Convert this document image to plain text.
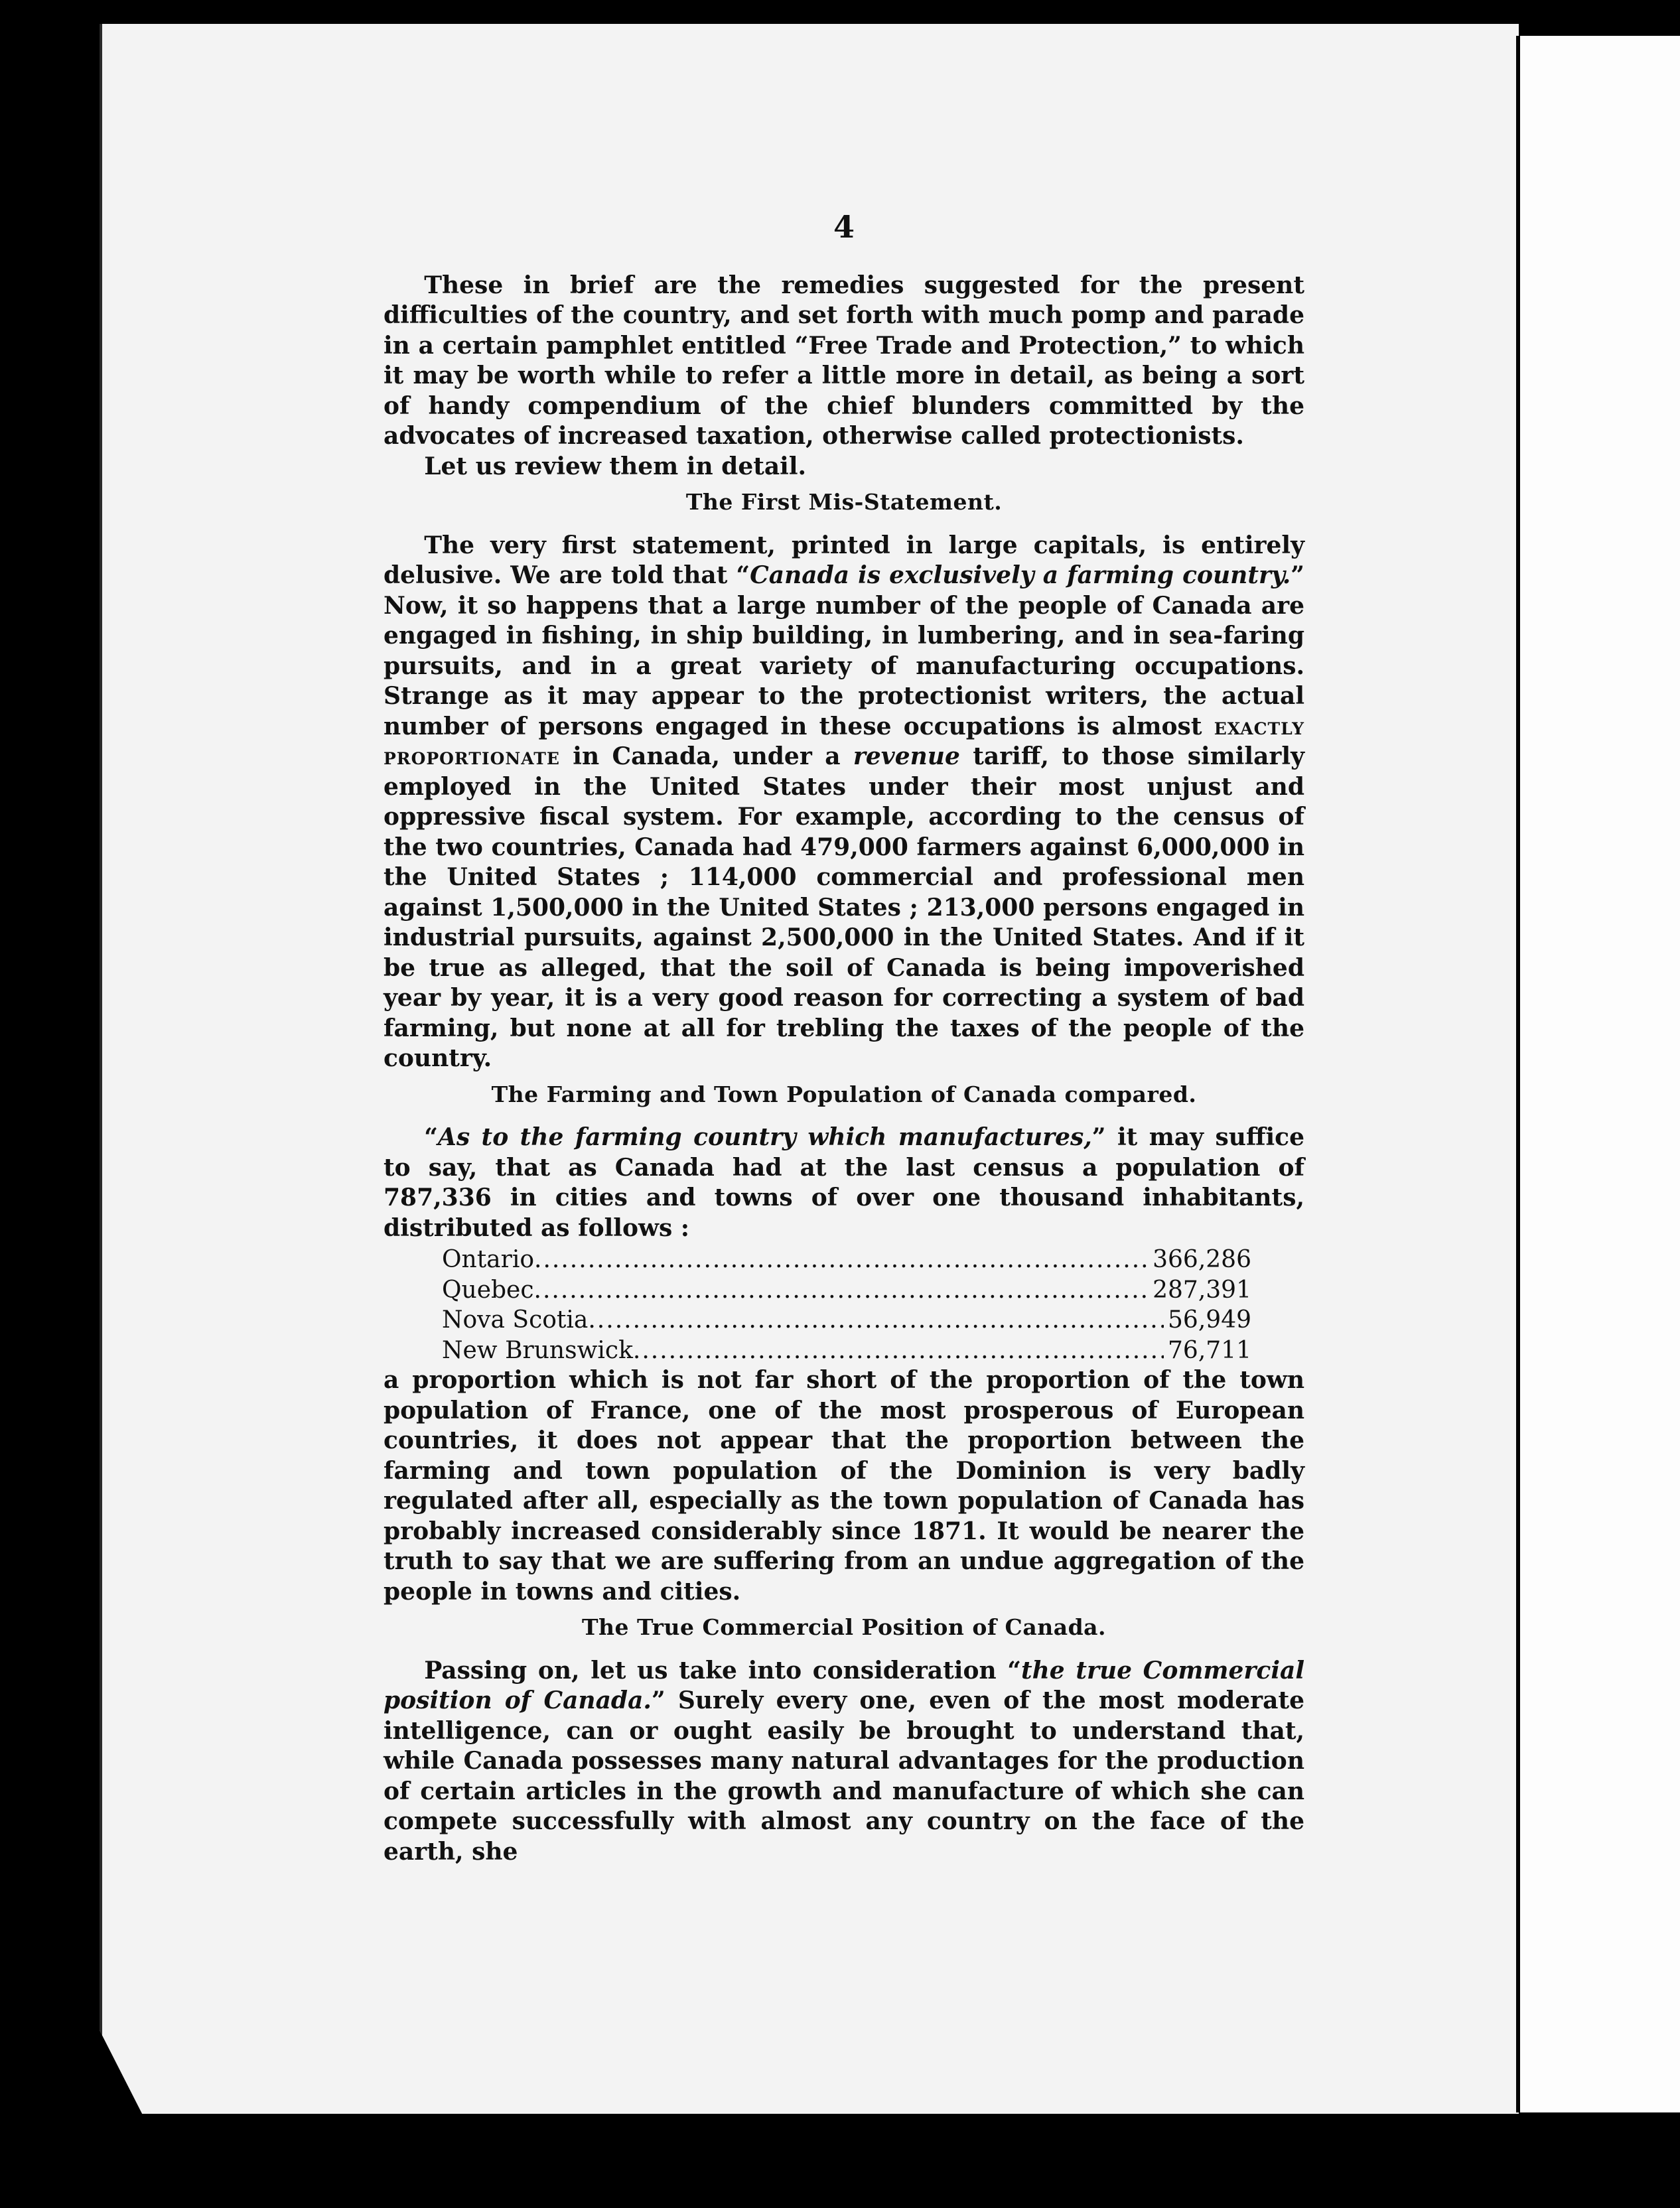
4

These in brief are the remedies suggested for the present difficulties of the country, and set forth with much pomp and parade in a certain pamphlet entitled “Free Trade and Protection,” to which it may be worth while to refer a little more in detail, as being a sort of handy compendium of the chief blunders committed by the advocates of increased taxation, otherwise called protectionists.

Let us review them in detail.

The First Mis-Statement.

The very first statement, printed in large capitals, is entirely delusive. We are told that “Canada is exclusively a farming country.” Now, it so happens that a large number of the people of Canada are engaged in fishing, in ship building, in lumbering, and in sea-faring pursuits, and in a great variety of manufacturing occupations. Strange as it may appear to the protectionist writers, the actual number of persons engaged in these occupations is almost exactly proportionate in Canada, under a revenue tariff, to those similarly employed in the United States under their most unjust and oppressive fiscal system. For example, according to the census of the two countries, Canada had 479,000 farmers against 6,000,000 in the United States ; 114,000 commercial and professional men against 1,500,000 in the United States ; 213,000 persons engaged in industrial pursuits, against 2,500,000 in the United States. And if it be true as alleged, that the soil of Canada is being impoverished year by year, it is a very good reason for correcting a system of bad farming, but none at all for trebling the taxes of the people of the country.

The Farming and Town Population of Canada compared.

“As to the farming country which manufactures,” it may suffice to say, that as Canada had at the last census a population of 787,336 in cities and towns of over one thousand inhabitants, distributed as follows :

Ontario .....	366,286
Quebec .....	287,391
Nova Scotia .....	56,949
New Brunswick .....	76,711

a proportion which is not far short of the proportion of the town population of France, one of the most prosperous of European countries, it does not appear that the proportion between the farming and town population of the Dominion is very badly regulated after all, especially as the town population of Canada has probably increased considerably since 1871. It would be nearer the truth to say that we are suffering from an undue aggregation of the people in towns and cities.

The True Commercial Position of Canada.

Passing on, let us take into consideration “the true Commercial position of Canada.” Surely every one, even of the most moderate intelligence, can or ought easily be brought to understand that, while Canada possesses many natural advantages for the production of certain articles in the growth and manufacture of which she can compete successfully with almost any country on the face of the earth, she
